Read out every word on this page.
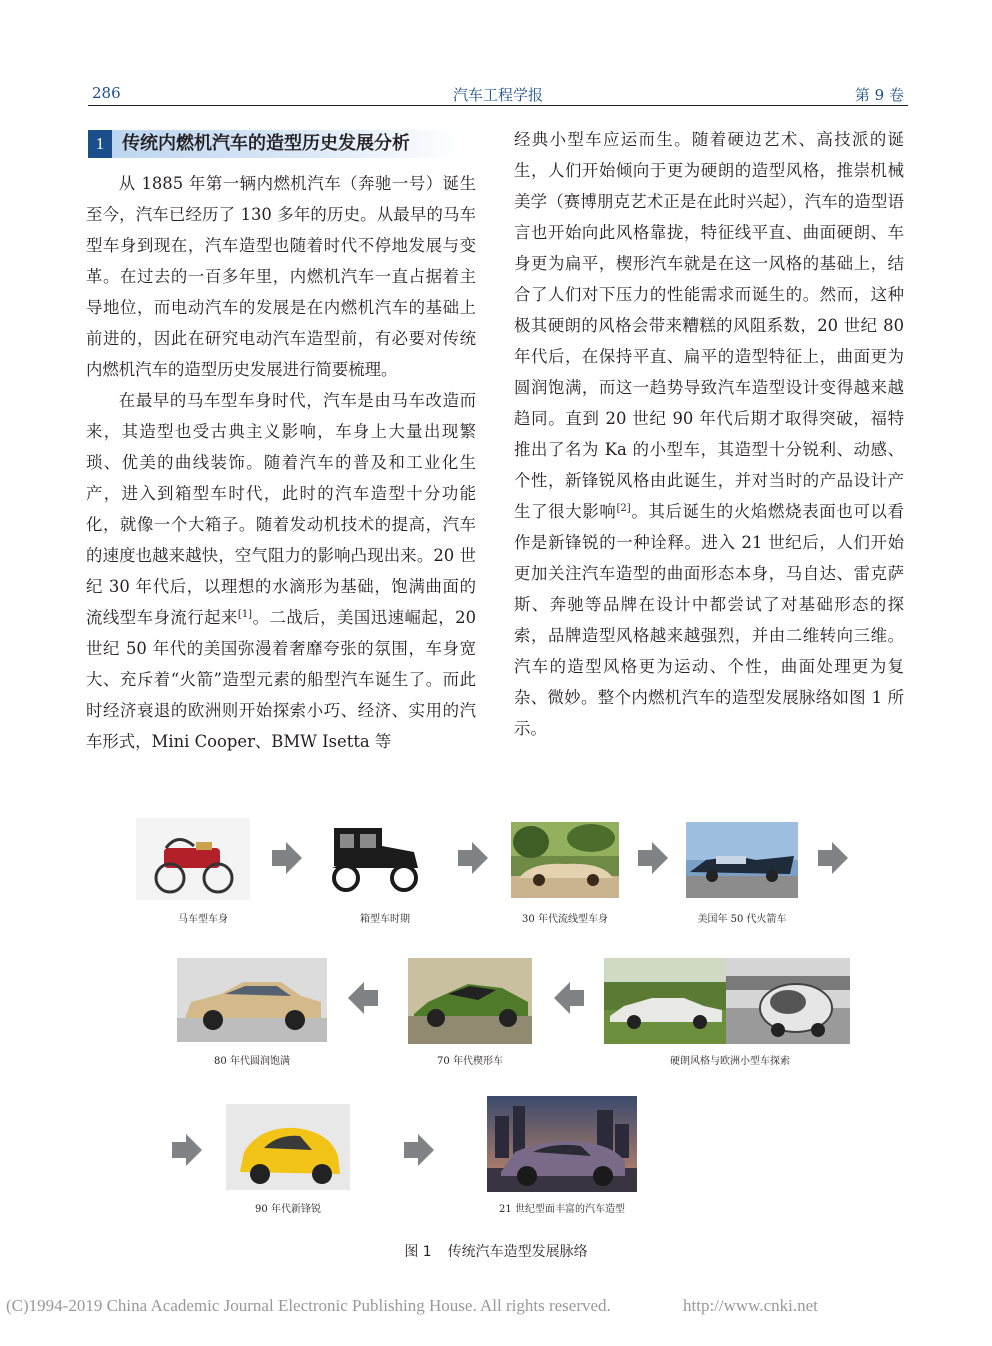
286	汽车工程学报	第 9 卷
1 传统内燃机汽车的造型历史发展分析

从 1885 年第一辆内燃机汽车（奔驰一号）诞生至今，汽车已经历了 130 多年的历史。从最早的马车型车身到现在，汽车造型也随着时代不停地发展与变革。在过去的一百多年里，内燃机汽车一直占据着主导地位，而电动汽车的发展是在内燃机汽车的基础上前进的，因此在研究电动汽车造型前，有必要对传统内燃机汽车的造型历史发展进行简要梳理。

在最早的马车型车身时代，汽车是由马车改造而来，其造型也受古典主义影响，车身上大量出现繁琐、优美的曲线装饰。随着汽车的普及和工业化生产，进入到箱型车时代，此时的汽车造型十分功能化，就像一个大箱子。随着发动机技术的提高，汽车的速度也越来越快，空气阻力的影响凸现出来。20 世纪 30 年代后，以理想的水滴形为基础，饱满曲面的流线型车身流行起来[1]。二战后，美国迅速崛起，20 世纪 50 年代的美国弥漫着奢靡夸张的氛围，车身宽大、充斥着“火箭”造型元素的船型汽车诞生了。而此时经济衰退的欧洲则开始探索小巧、经济、实用的汽车形式，Mini Cooper、BMW Isetta 等

经典小型车应运而生。随着硬边艺术、高技派的诞生，人们开始倾向于更为硬朗的造型风格，推崇机械美学（赛博朋克艺术正是在此时兴起），汽车的造型语言也开始向此风格靠拢，特征线平直、曲面硬朗、车身更为扁平，楔形汽车就是在这一风格的基础上，结合了人们对下压力的性能需求而诞生的。然而，这种极其硬朗的风格会带来糟糕的风阻系数，20 世纪 80 年代后，在保持平直、扁平的造型特征上，曲面更为圆润饱满，而这一趋势导致汽车造型设计变得越来越趋同。直到 20 世纪 90 年代后期才取得突破，福特推出了名为 Ka 的小型车，其造型十分锐利、动感、个性，新锋锐风格由此诞生，并对当时的产品设计产生了很大影响[2]。其后诞生的火焰燃烧表面也可以看作是新锋锐的一种诠释。进入 21 世纪后，人们开始更加关注汽车造型的曲面形态本身，马自达、雷克萨斯、奔驰等品牌在设计中都尝试了对基础形态的探索，品牌造型风格越来越强烈，并由二维转向三维。汽车的造型风格更为运动、个性，曲面处理更为复杂、微妙。整个内燃机汽车的造型发展脉络如图 1 所示。

马车型车身	箱型车时期	30 年代流线型车身	美国年 50 代火箭车
80 年代圆润饱满	70 年代楔形车	硬朗风格与欧洲小型车探索
90 年代新锋锐	21 世纪型面丰富的汽车造型
图 1 传统汽车造型发展脉络
(C)1994-2019 China Academic Journal Electronic Publishing House. All rights reserved.	http://www.cnki.net
